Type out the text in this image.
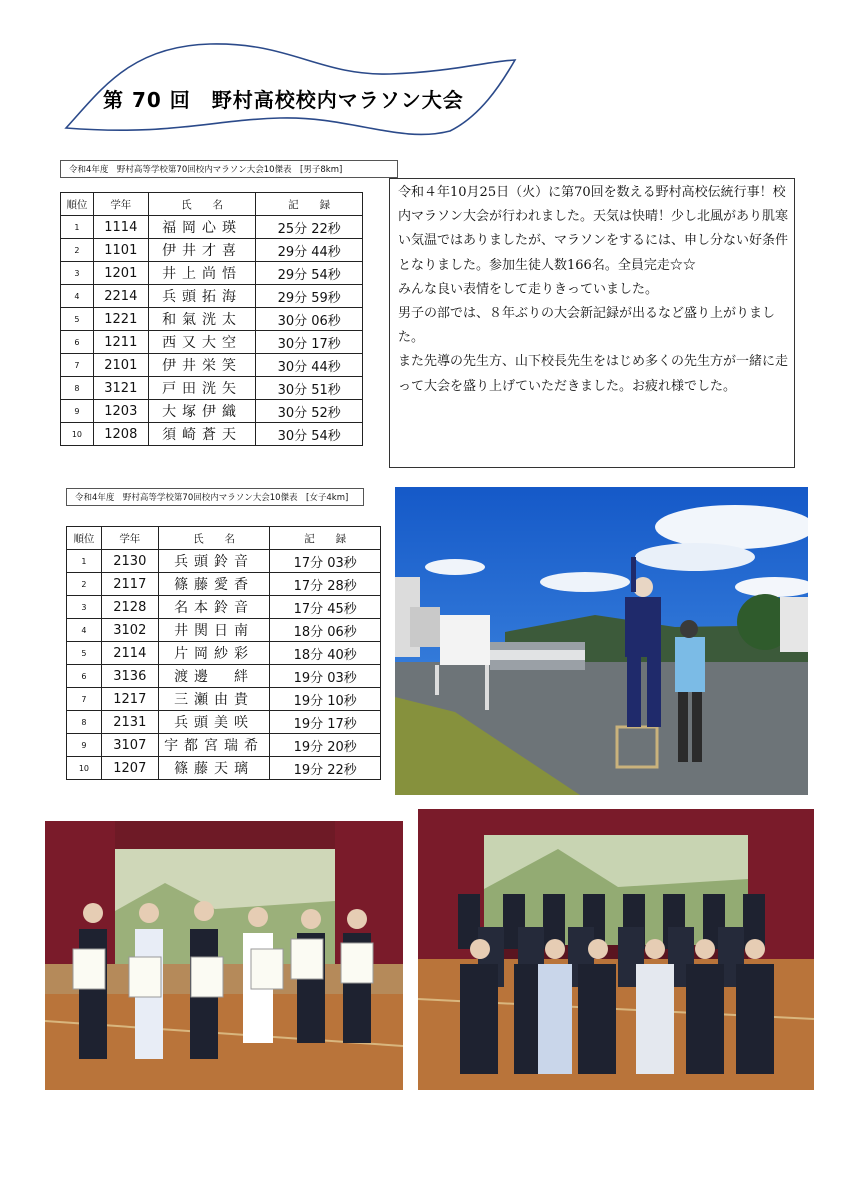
第 70 回　野村高校校内マラソン大会
令和4年度　野村高等学校第70回校内マラソン大会10傑表　[男子8km]
順位	学年	氏　　名	記　　録
1	1114	福岡心瑛	25分 22秒
2	1101	伊井才喜	29分 44秒
3	1201	井上尚悟	29分 54秒
4	2214	兵頭拓海	29分 59秒
5	1221	和氣洸太	30分 06秒
6	1211	西又大空	30分 17秒
7	2101	伊井栄笑	30分 44秒
8	3121	戸田洸矢	30分 51秒
9	1203	大塚伊織	30分 52秒
10	1208	須崎蒼天	30分 54秒

令和４年10月25日（火）に第70回を数える野村高校伝統行事！校内マラソン大会が行われました。天気は快晴！少し北風があり肌寒い気温ではありましたが、マラソンをするには、申し分ない好条件となりました。参加生徒人数166名。全員完走☆☆

みんな良い表情をして走りきっていました。

男子の部では、８年ぶりの大会新記録が出るなど盛り上がりました。

また先導の先生方、山下校長先生をはじめ多くの先生方が一緒に走って大会を盛り上げていただきました。お疲れ様でした。

令和4年度　野村高等学校第70回校内マラソン大会10傑表　[女子4km]
順位	学年	氏　　名	記　　録
1	2130	兵頭鈴音	17分 03秒
2	2117	篠藤愛香	17分 28秒
3	2128	名本鈴音	17分 45秒
4	3102	井関日南	18分 06秒
5	2114	片岡紗彩	18分 40秒
6	3136	渡邊　絆	19分 03秒
7	1217	三瀬由貴	19分 10秒
8	2131	兵頭美咲	19分 17秒
9	3107	宇都宮瑞希	19分 20秒
10	1207	篠藤天璃	19分 22秒
